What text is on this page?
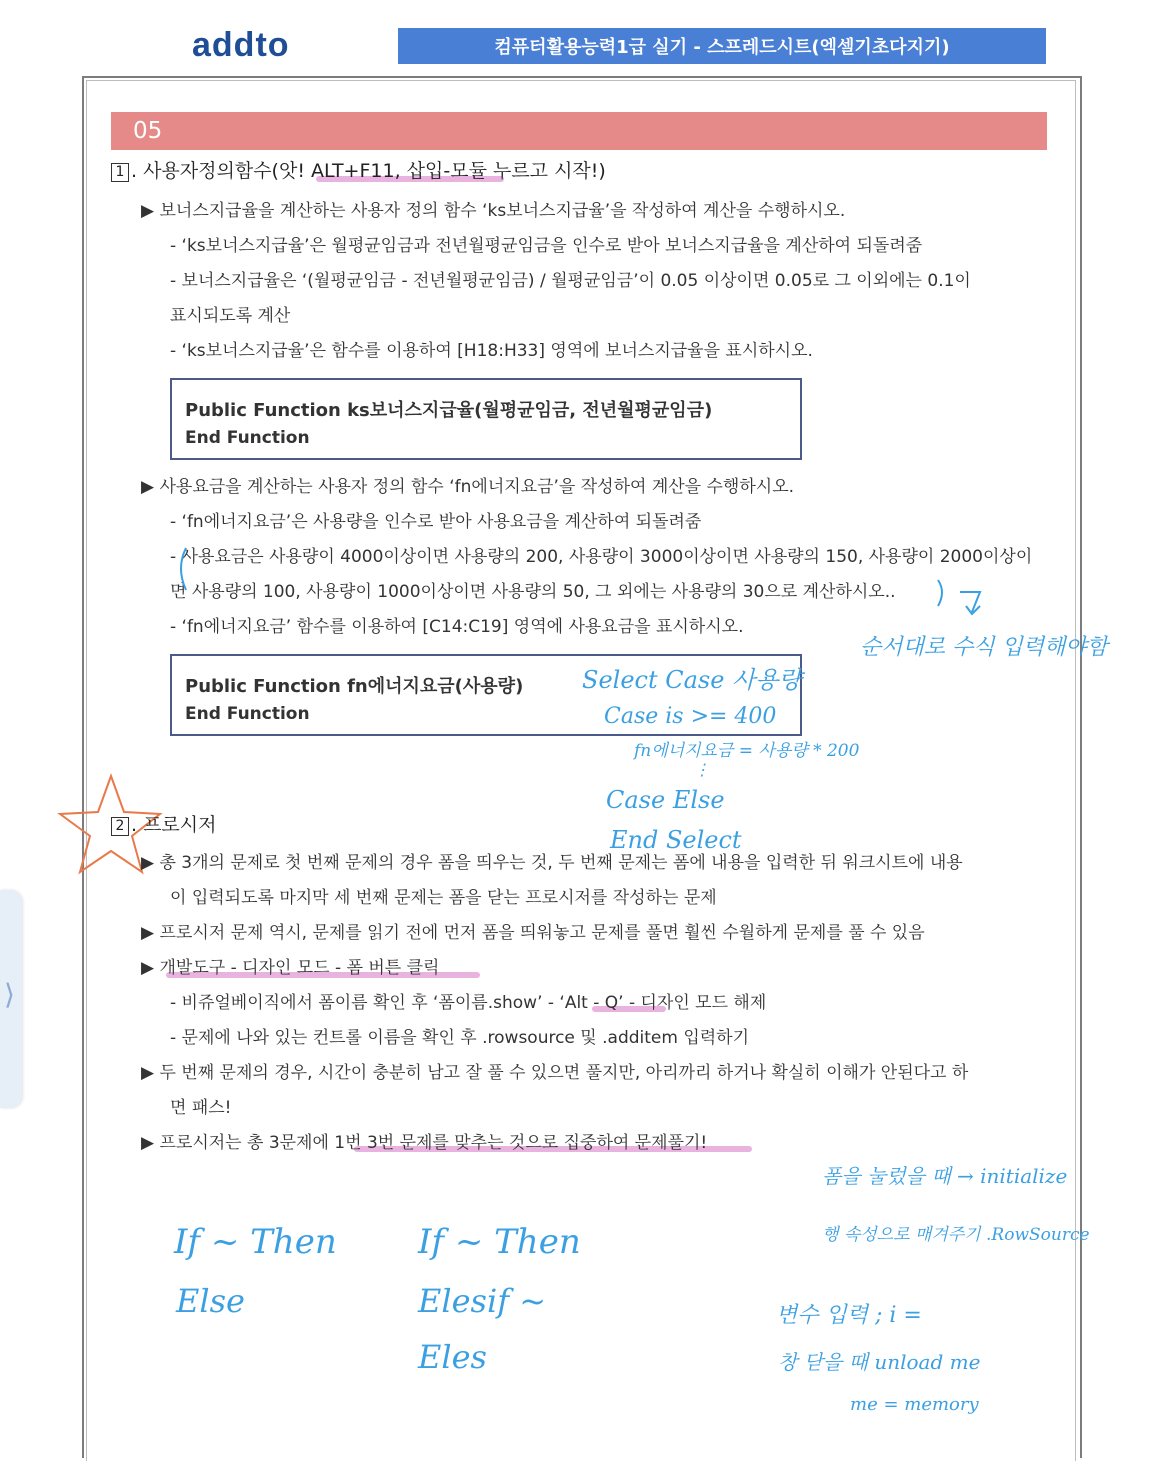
addto	컴퓨터활용능력1급 실기 - 스프레드시트(엑셀기초다지기)
05
1 . 사용자정의함수(앗! ALT+F11, 삽입-모듈 누르고 시작!)
▶ 보너스지급율을 계산하는 사용자 정의 함수 ‘ks보너스지급율’을 작성하여 계산을 수행하시오.
- ‘ks보너스지급율’은 월평균임금과 전년월평균임금을 인수로 받아 보너스지급율을 계산하여 되돌려줌
- 보너스지급율은 ‘(월평균임금 - 전년월평균임금) / 월평균임금’이 0.05 이상이면 0.05로 그 이외에는 0.1이
표시되도록 계산
- ‘ks보너스지급율’은 함수를 이용하여 [H18:H33] 영역에 보너스지급율을 표시하시오.
Public Function ks보너스지급율(월평균임금, 전년월평균임금)
End Function
▶ 사용요금을 계산하는 사용자 정의 함수 ‘fn에너지요금’을 작성하여 계산을 수행하시오.
- ‘fn에너지요금’은 사용량을 인수로 받아 사용요금을 계산하여 되돌려줌
- 사용요금은 사용량이 4000이상이면 사용량의 200, 사용량이 3000이상이면 사용량의 150, 사용량이 2000이상이
면 사용량의 100, 사용량이 1000이상이면 사용량의 50, 그 외에는 사용량의 30으로 계산하시오..
- ‘fn에너지요금’ 함수를 이용하여 [C14:C19] 영역에 사용요금을 표시하시오.
Public Function fn에너지요금(사용량)
End Function
순서대로 수식 입력해야함
Select Case 사용량
Case is >= 400
fn에너지요금 = 사용량 * 200
⋮
Case Else
End Select
2 . 프로시저
▶ 총 3개의 문제로 첫 번째 문제의 경우 폼을 띄우는 것, 두 번째 문제는 폼에 내용을 입력한 뒤 워크시트에 내용
이 입력되도록 마지막 세 번째 문제는 폼을 닫는 프로시저를 작성하는 문제
▶ 프로시저 문제 역시, 문제를 읽기 전에 먼저 폼을 띄워놓고 문제를 풀면 훨씬 수월하게 문제를 풀 수 있음
▶ 개발도구 - 디자인 모드 - 폼 버튼 클릭
- 비쥬얼베이직에서 폼이름 확인 후 ‘폼이름.show’ - ‘Alt - Q’ - 디자인 모드 해제
- 문제에 나와 있는 컨트롤 이름을 확인 후 .rowsource 및 .additem 입력하기
▶ 두 번째 문제의 경우, 시간이 충분히 남고 잘 풀 수 있으면 풀지만, 아리까리 하거나 확실히 이해가 안된다고 하
면 패스!
▶ 프로시저는 총 3문제에 1번 3번 문제를 맞추는 것으로 집중하여 문제풀기!
폼을 눌렀을 때 → initialize
행 속성으로 매겨주기 .RowSource
If ~ Then
Else
If ~ Then
Elesif ~
Eles
변수 입력 ; i =
창 닫을 때 unload me
me = memory
⟩
